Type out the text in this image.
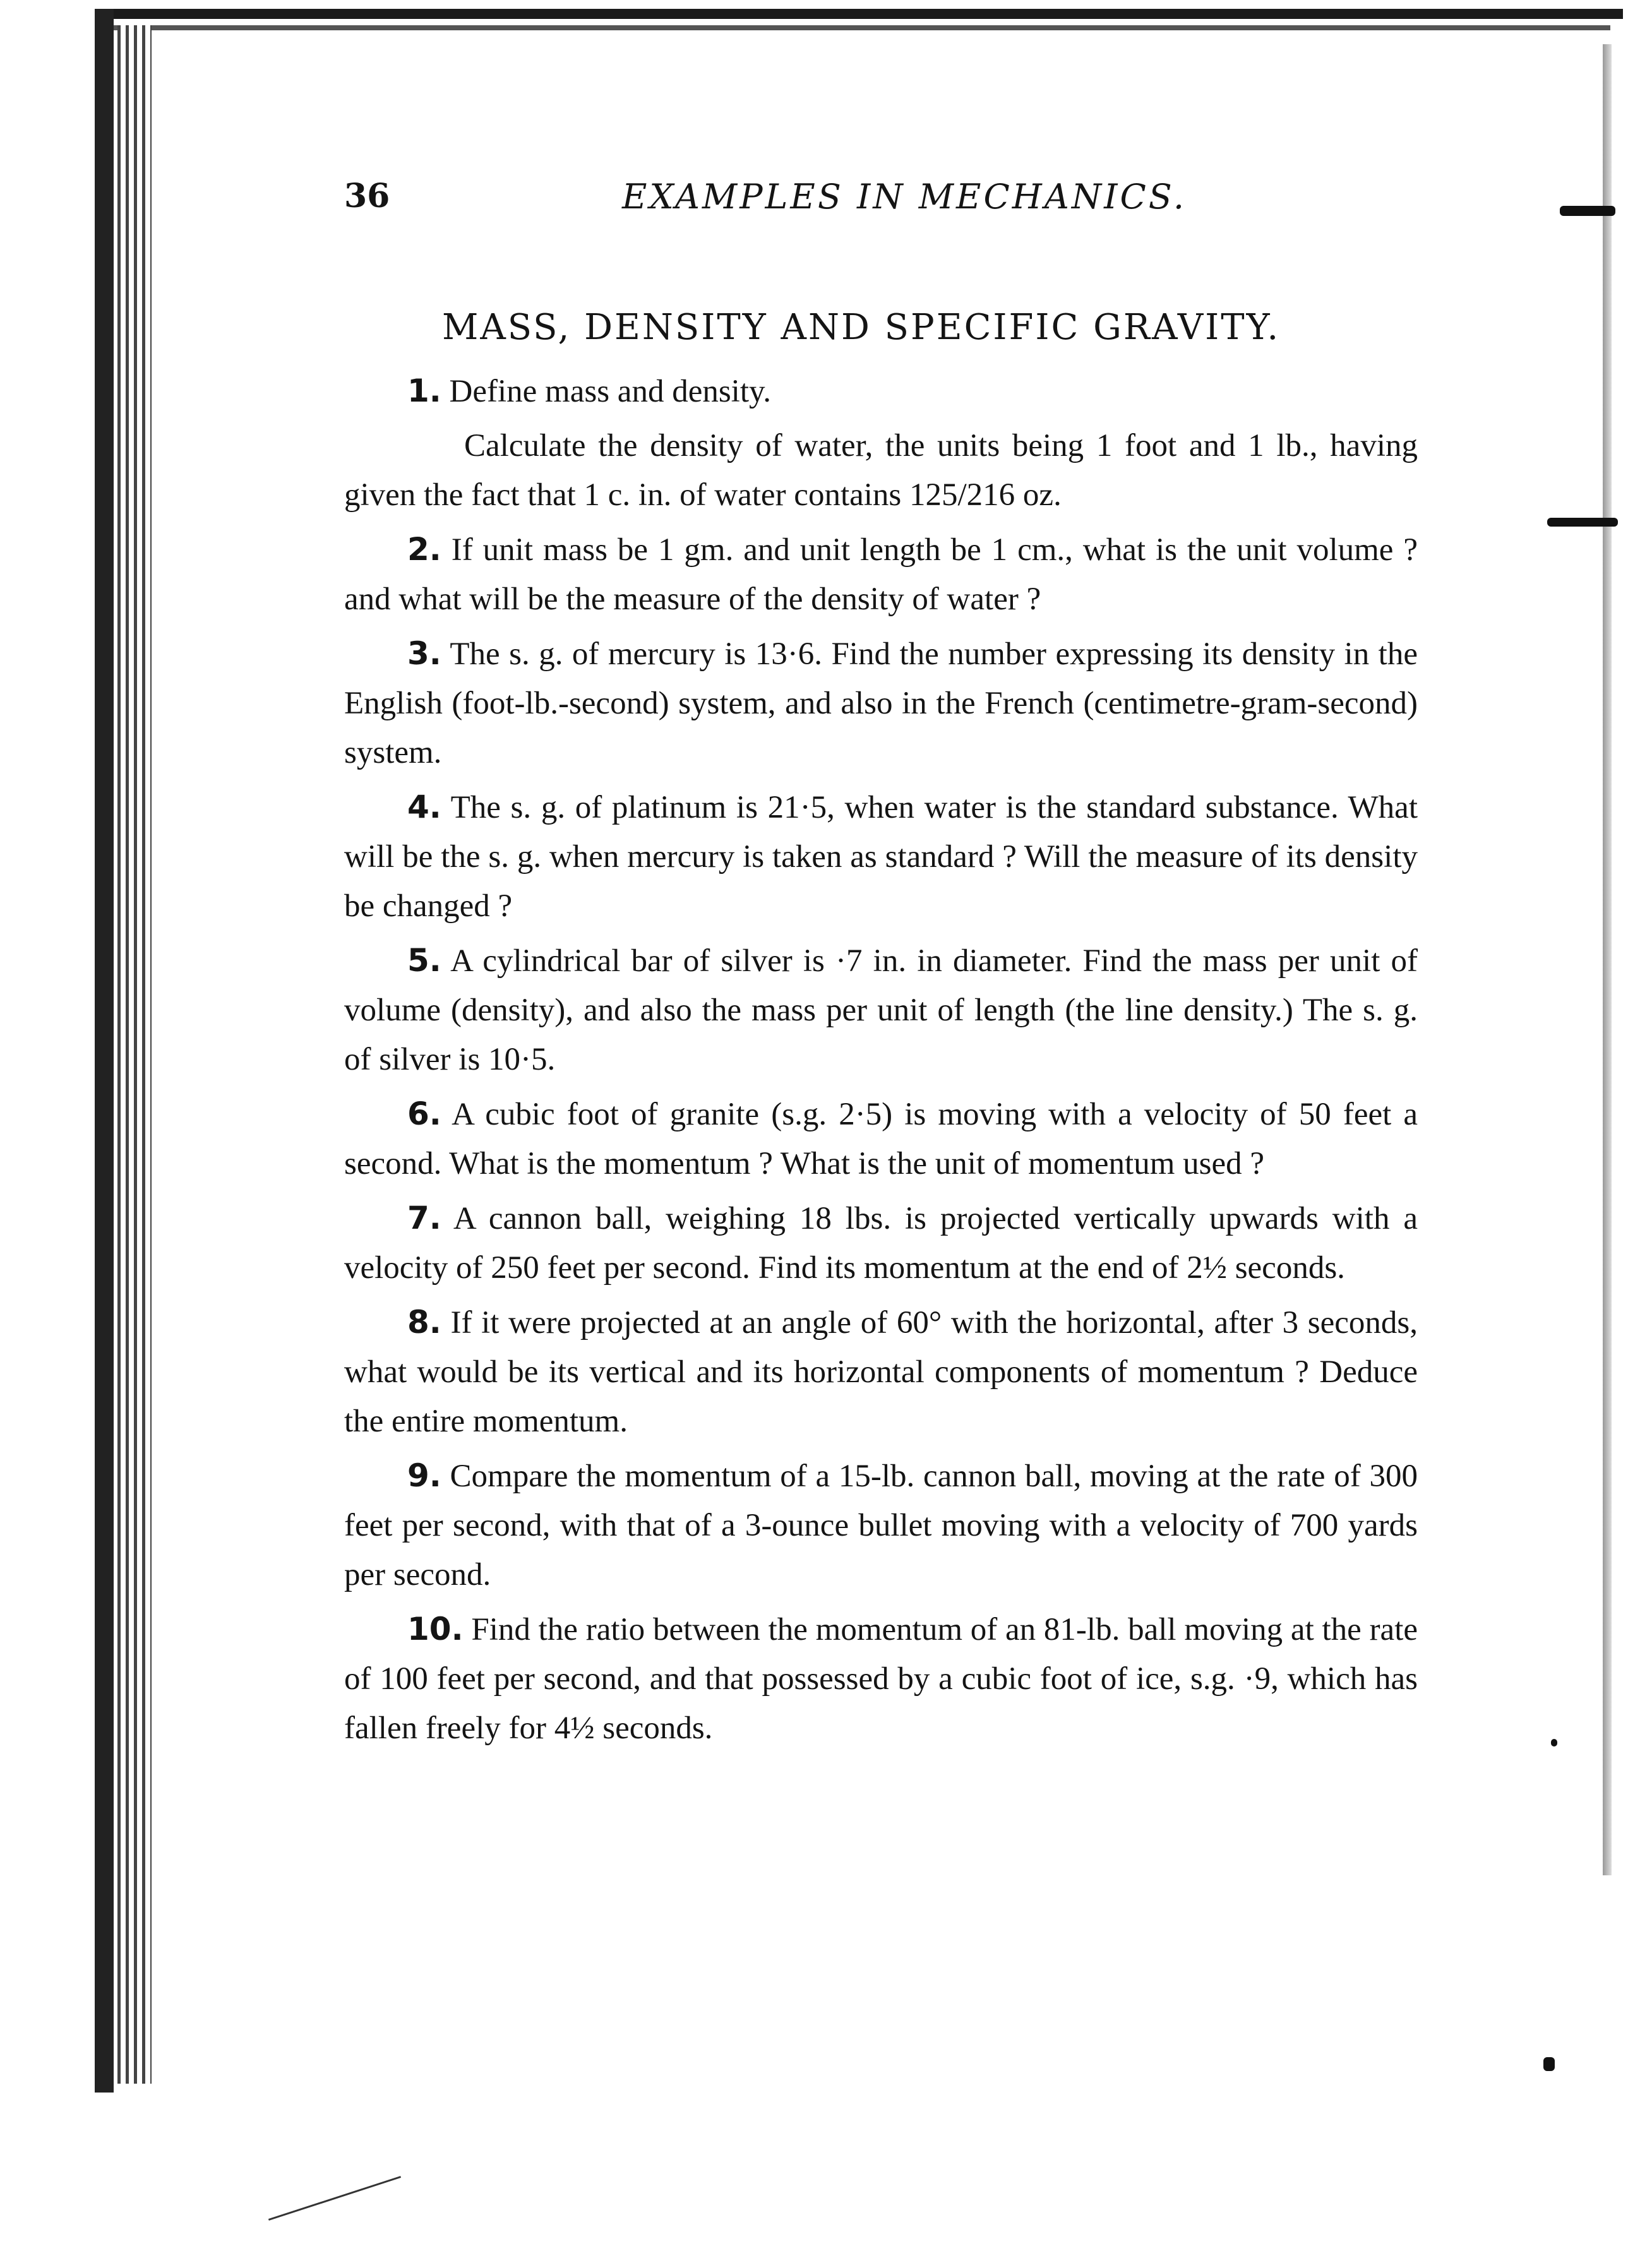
36	EXAMPLES IN MECHANICS.
MASS, DENSITY AND SPECIFIC GRAVITY.

1. Define mass and density.

Calculate the density of water, the units being 1 foot and 1 lb., having given the fact that 1 c. in. of water contains 125/216 oz.

2. If unit mass be 1 gm. and unit length be 1 cm., what is the unit volume ? and what will be the measure of the density of water ?

3. The s. g. of mercury is 13·6. Find the number expressing its density in the English (foot-lb.-second) system, and also in the French (centimetre-gram-second) system.

4. The s. g. of platinum is 21·5, when water is the standard substance. What will be the s. g. when mercury is taken as standard ? Will the measure of its density be changed ?

5. A cylindrical bar of silver is ·7 in. in diameter. Find the mass per unit of volume (density), and also the mass per unit of length (the line density.) The s. g. of silver is 10·5.

6. A cubic foot of granite (s.g. 2·5) is moving with a velocity of 50 feet a second. What is the momentum ? What is the unit of momentum used ?

7. A cannon ball, weighing 18 lbs. is projected vertically upwards with a velocity of 250 feet per second. Find its momentum at the end of 2½ seconds.

8. If it were projected at an angle of 60° with the horizontal, after 3 seconds, what would be its vertical and its horizontal components of momentum ? Deduce the entire momentum.

9. Compare the momentum of a 15-lb. cannon ball, moving at the rate of 300 feet per second, with that of a 3-ounce bullet moving with a velocity of 700 yards per second.

10. Find the ratio between the momentum of an 81-lb. ball moving at the rate of 100 feet per second, and that possessed by a cubic foot of ice, s.g. ·9, which has fallen freely for 4½ seconds.
